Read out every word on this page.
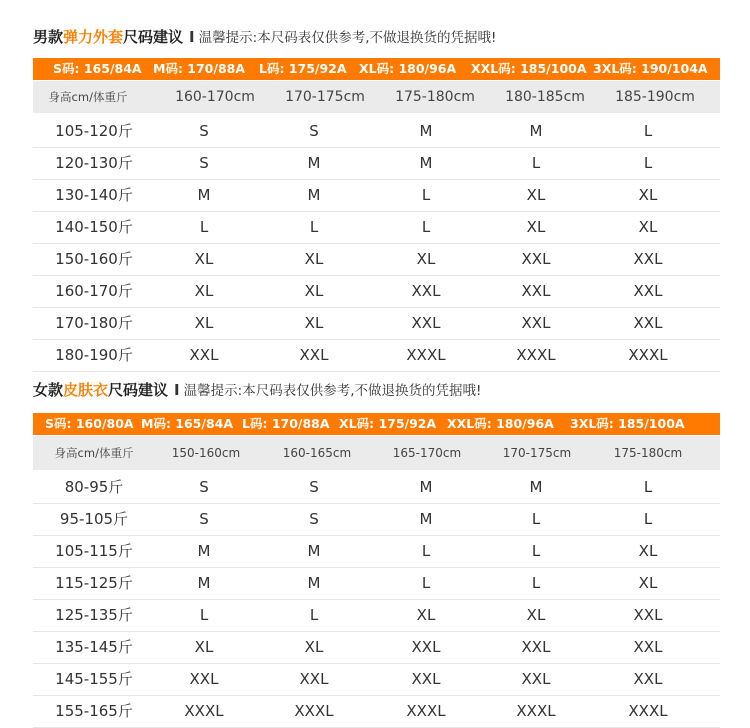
男款弹力外套尺码建议 I 温馨提示:本尺码表仅供参考,不做退换货的凭据哦!
S码: 165/84A M码: 170/88A L码: 175/92A XL码: 180/96A XXL码: 185/100A 3XL码: 190/104A
身高cm/体重斤	160-170cm	170-175cm	175-180cm	180-185cm	185-190cm
105-120斤	S	S	M	M	L
120-130斤	S	M	M	L	L
130-140斤	M	M	L	XL	XL
140-150斤	L	L	L	XL	XL
150-160斤	XL	XL	XL	XXL	XXL
160-170斤	XL	XL	XXL	XXL	XXL
170-180斤	XL	XL	XXL	XXL	XXL
180-190斤	XXL	XXL	XXXL	XXXL	XXXL
女款皮肤衣尺码建议 I 温馨提示:本尺码表仅供参考,不做退换货的凭据哦!
S码: 160/80A M码: 165/84A L码: 170/88A XL码: 175/92A XXL码: 180/96A 3XL码: 185/100A
身高cm/体重斤	150-160cm	160-165cm	165-170cm	170-175cm	175-180cm
80-95斤	S	S	M	M	L
95-105斤	S	S	M	L	L
105-115斤	M	M	L	L	XL
115-125斤	M	M	L	L	XL
125-135斤	L	L	XL	XL	XXL
135-145斤	XL	XL	XXL	XXL	XXL
145-155斤	XXL	XXL	XXL	XXL	XXL
155-165斤	XXXL	XXXL	XXXL	XXXL	XXXL
